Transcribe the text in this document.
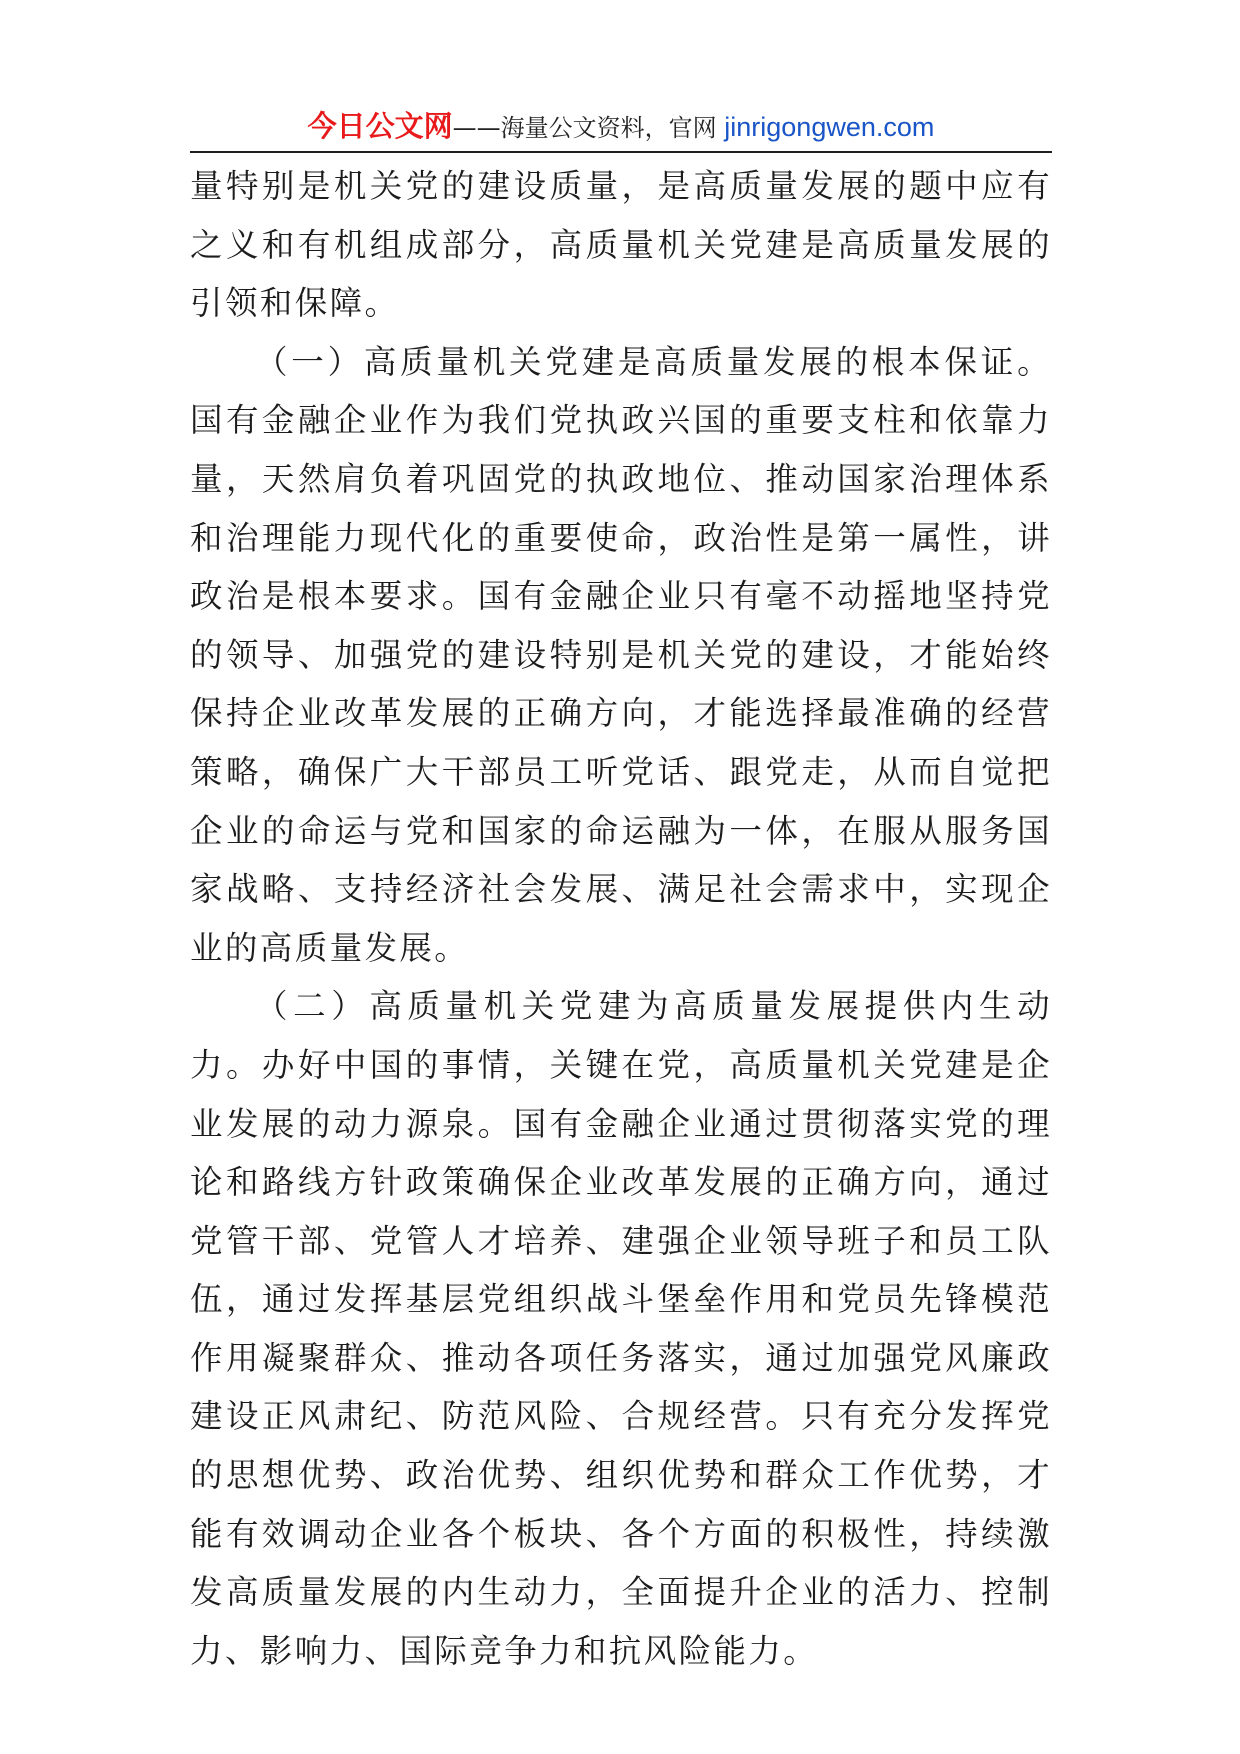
今日公文网——海量公文资料，官网 jinrigongwen.com

量特别是机关党的建设质量，是高质量发展的题中应有之义和有机组成部分，高质量机关党建是高质量发展的引领和保障。

（一）高质量机关党建是高质量发展的根本保证。国有金融企业作为我们党执政兴国的重要支柱和依靠力量，天然肩负着巩固党的执政地位、推动国家治理体系和治理能力现代化的重要使命，政治性是第一属性，讲政治是根本要求。国有金融企业只有毫不动摇地坚持党的领导、加强党的建设特别是机关党的建设，才能始终保持企业改革发展的正确方向，才能选择最准确的经营策略，确保广大干部员工听党话、跟党走，从而自觉把企业的命运与党和国家的命运融为一体，在服从服务国家战略、支持经济社会发展、满足社会需求中，实现企业的高质量发展。

（二）高质量机关党建为高质量发展提供内生动力。办好中国的事情，关键在党，高质量机关党建是企业发展的动力源泉。国有金融企业通过贯彻落实党的理论和路线方针政策确保企业改革发展的正确方向，通过党管干部、党管人才培养、建强企业领导班子和员工队伍，通过发挥基层党组织战斗堡垒作用和党员先锋模范作用凝聚群众、推动各项任务落实，通过加强党风廉政建设正风肃纪、防范风险、合规经营。只有充分发挥党的思想优势、政治优势、组织优势和群众工作优势，才能有效调动企业各个板块、各个方面的积极性，持续激发高质量发展的内生动力，全面提升企业的活力、控制力、影响力、国际竞争力和抗风险能力。
